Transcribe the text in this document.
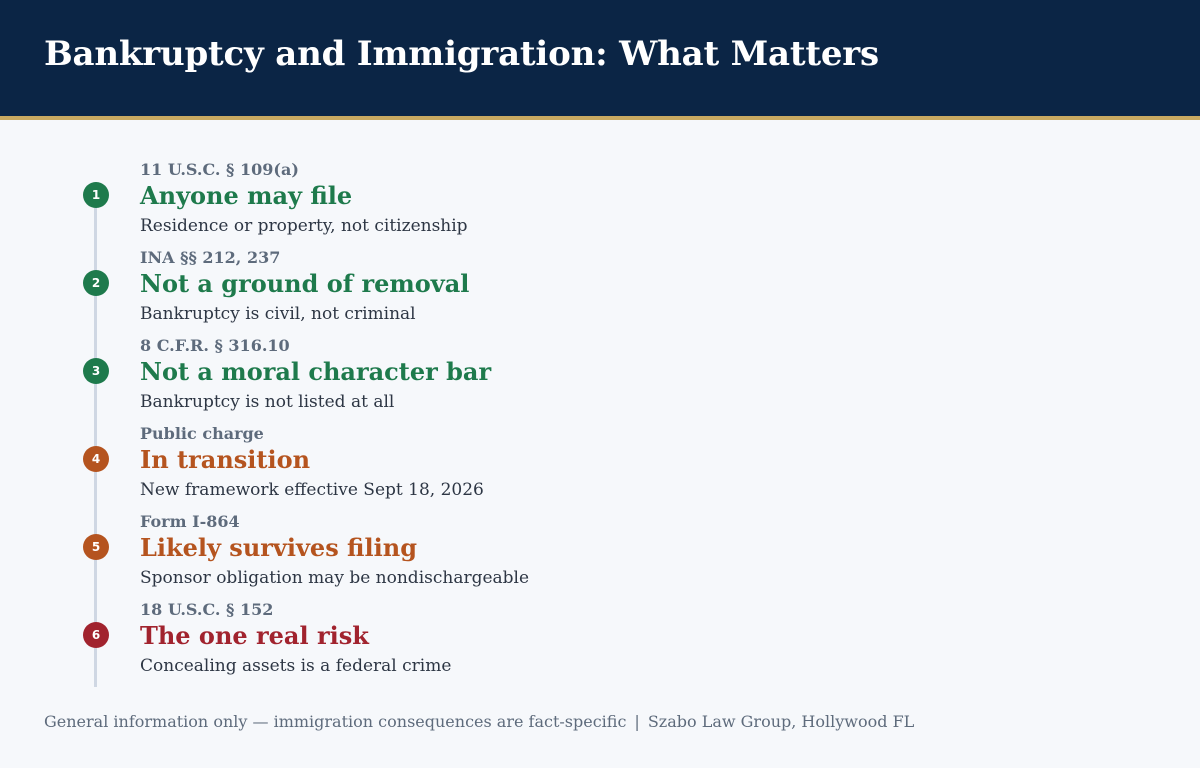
Bankruptcy and Immigration: What Matters
1
11 U.S.C. § 109(a)
Anyone may file
Residence or property, not citizenship
2
INA §§ 212, 237
Not a ground of removal
Bankruptcy is civil, not criminal
3
8 C.F.R. § 316.10
Not a moral character bar
Bankruptcy is not listed at all
4
Public charge
In transition
New framework effective Sept 18, 2026
5
Form I-864
Likely survives filing
Sponsor obligation may be nondischargeable
6
18 U.S.C. § 152
The one real risk
Concealing assets is a federal crime
General information only — immigration consequences are fact-specific | Szabo Law Group, Hollywood FL
